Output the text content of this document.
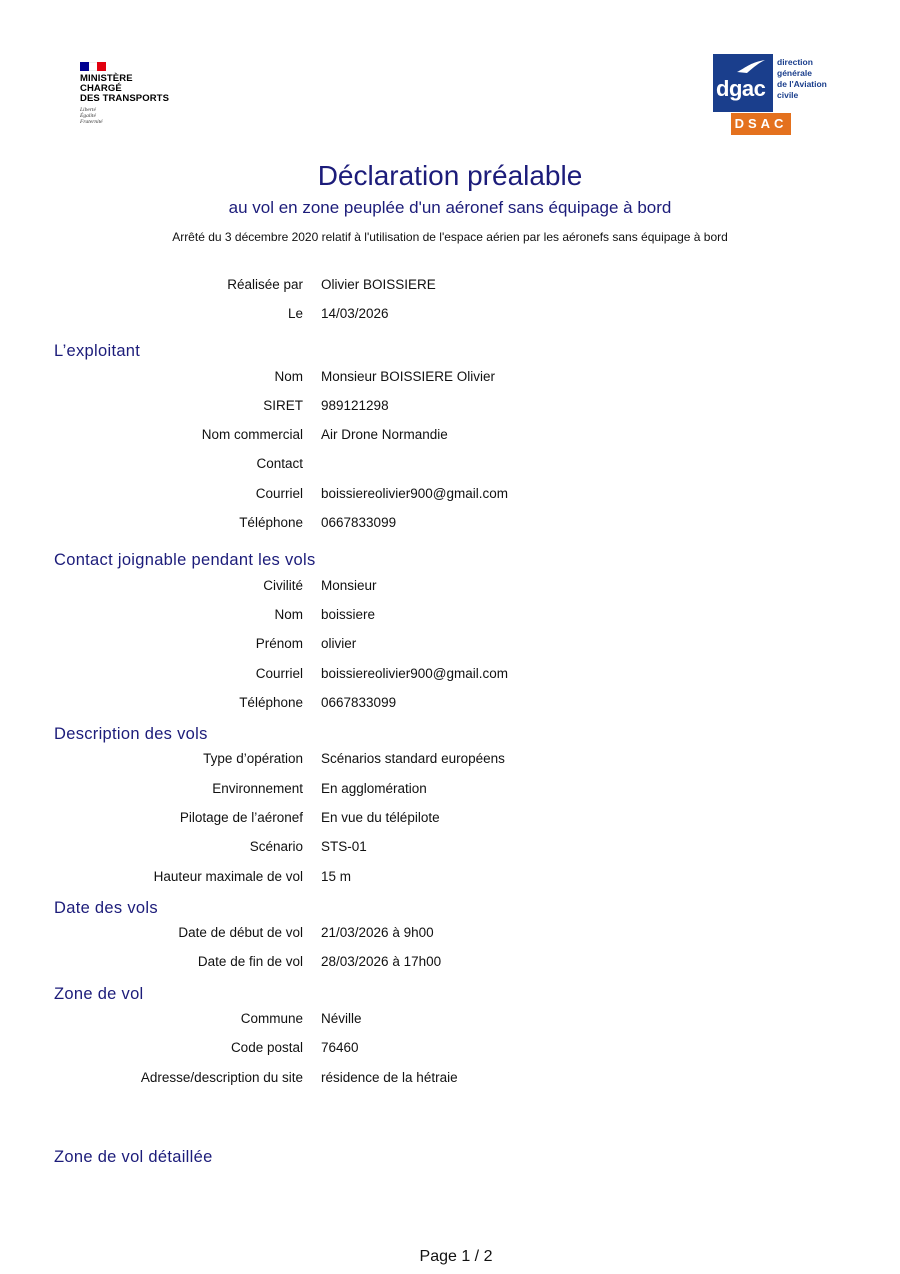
MINISTÈRE
CHARGÉ
DES TRANSPORTS
Liberté
Égalité
Fraternité
dgac
direction
générale
de l'Aviation
civile
DSAC
Déclaration préalable
au vol en zone peuplée d'un aéronef sans équipage à bord
Arrêté du 3 décembre 2020 relatif à l'utilisation de l'espace aérien par les aéronefs sans équipage à bord
Réalisée par Olivier BOISSIERE
Le 14/03/2026
L’exploitant
Nom Monsieur BOISSIERE Olivier
SIRET 989121298
Nom commercial Air Drone Normandie
Contact
Courriel boissiereolivier900@gmail.com
Téléphone 0667833099
Contact joignable pendant les vols
Civilité Monsieur
Nom boissiere
Prénom olivier
Courriel boissiereolivier900@gmail.com
Téléphone 0667833099
Description des vols
Type d’opération Scénarios standard européens
Environnement En agglomération
Pilotage de l’aéronef En vue du télépilote
Scénario STS-01
Hauteur maximale de vol 15 m
Date des vols
Date de début de vol 21/03/2026 à 9h00
Date de fin de vol 28/03/2026 à 17h00
Zone de vol
Commune Néville
Code postal 76460
Adresse/description du site résidence de la hétraie
Zone de vol détaillée
Page 1 / 2
